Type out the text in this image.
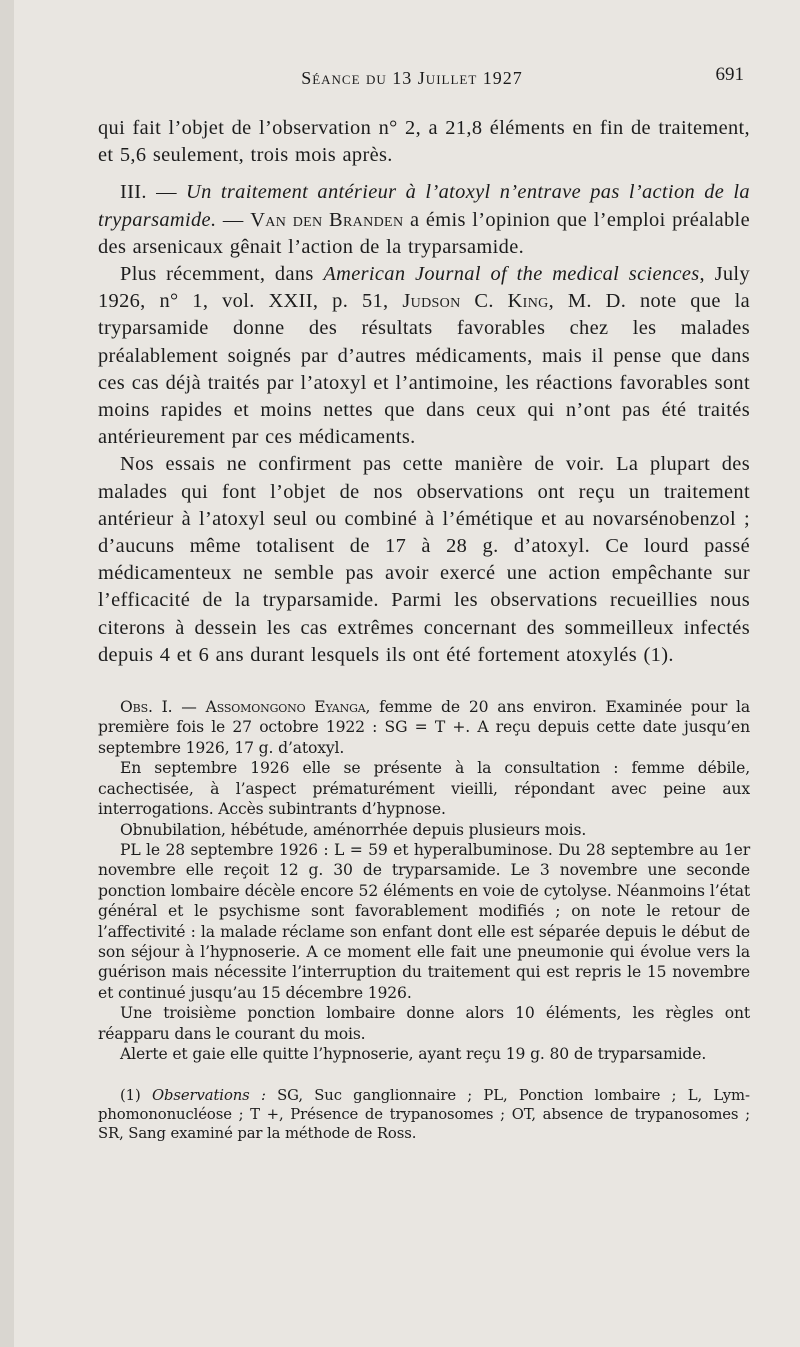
Séance du 13 Juillet 1927	691

qui fait l’objet de l’observation n° 2, a 21,8 éléments en fin de traitement, et 5,6 seulement, trois mois après.

III. — Un traitement antérieur à l’atoxyl n’entrave pas l’action de la tryparsamide. — Van den Branden a émis l’opinion que l’emploi préalable des arsenicaux gênait l’action de la tryparsamide.

Plus récemment, dans American Journal of the medical sciences, July 1926, n° 1, vol. XXII, p. 51, Judson C. King, M. D. note que la tryparsamide donne des résultats favorables chez les malades préalablement soignés par d’autres médicaments, mais il pense que dans ces cas déjà traités par l’atoxyl et l’antimoine, les réactions favorables sont moins rapides et moins nettes que dans ceux qui n’ont pas été traités antérieurement par ces médicaments.

Nos essais ne confirment pas cette manière de voir. La plupart des malades qui font l’objet de nos observations ont reçu un traitement antérieur à l’atoxyl seul ou combiné à l’émétique et au novarsénobenzol ; d’aucuns même totalisent de 17 à 28 g. d’atoxyl. Ce lourd passé médicamenteux ne semble pas avoir exercé une action empêchante sur l’efficacité de la tryparsamide. Parmi les observations recueillies nous citerons à dessein les cas extrêmes concernant des sommeilleux infectés depuis 4 et 6 ans durant lesquels ils ont été fortement atoxylés (1).

Obs. I. — Assomongono Eyanga, femme de 20 ans environ. Examinée pour la première fois le 27 octobre 1922 : SG = T +. A reçu depuis cette date jusqu’en septembre 1926, 17 g. d’atoxyl.

En septembre 1926 elle se présente à la consultation : femme débile, cachectisée, à l’aspect prématurément vieilli, répondant avec peine aux interrogations. Accès subintrants d’hypnose.

Obnubilation, hébétude, aménorrhée depuis plusieurs mois.

PL le 28 septembre 1926 : L = 59 et hyperalbuminose. Du 28 septembre au 1er novembre elle reçoit 12 g. 30 de tryparsamide. Le 3 novembre une seconde ponction lombaire décèle encore 52 éléments en voie de cytolyse. Néanmoins l’état général et le psychisme sont favorablement modifiés ; on note le retour de l’affectivité : la malade réclame son enfant dont elle est séparée depuis le début de son séjour à l’hypnoserie. A ce moment elle fait une pneumonie qui évolue vers la guérison mais nécessite l’interruption du traitement qui est repris le 15 novembre et continué jusqu’au 15 décembre 1926.

Une troisième ponction lombaire donne alors 10 éléments, les règles ont réapparu dans le courant du mois.

Alerte et gaie elle quitte l’hypnoserie, ayant reçu 19 g. 80 de tryparsamide.

(1) Observations : SG, Suc ganglionnaire ; PL, Ponction lombaire ; L, Lymphomononucléose ; T +, Présence de trypanosomes ; OT, absence de trypanosomes ; SR, Sang examiné par la méthode de Ross.
